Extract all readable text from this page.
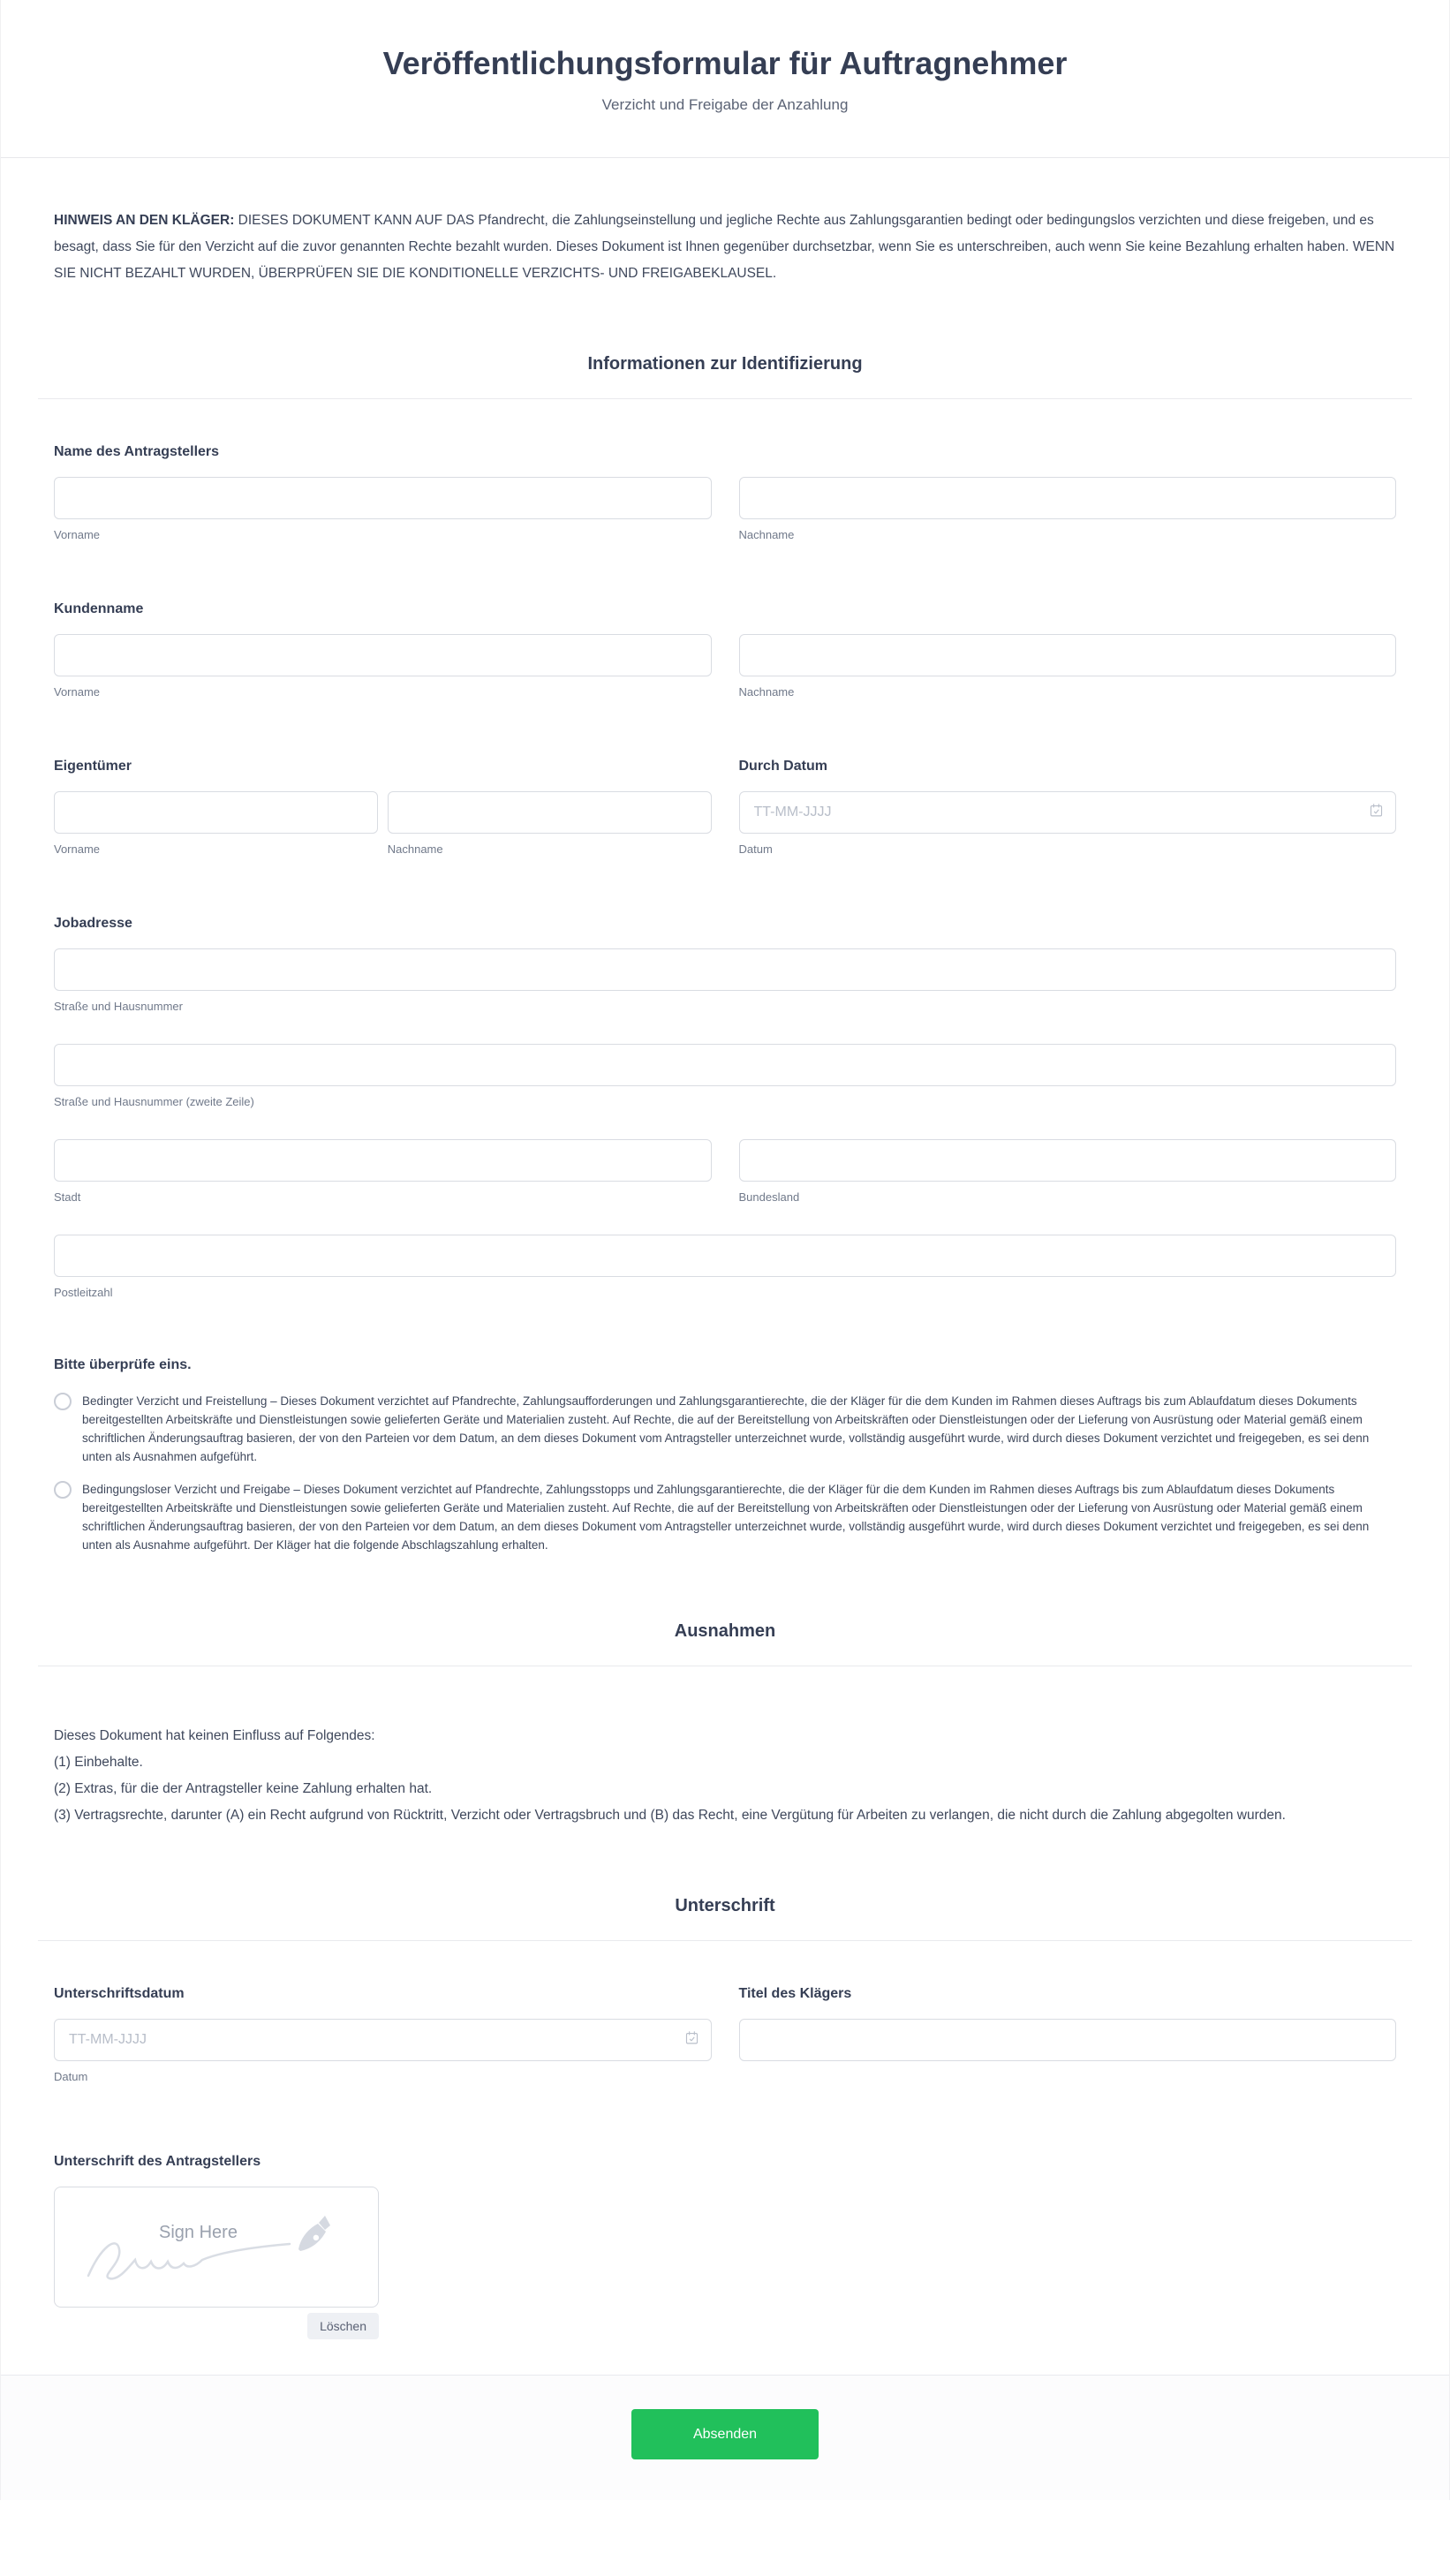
Veröffentlichungsformular für Auftragnehmer
Verzicht und Freigabe der Anzahlung

HINWEIS AN DEN KLÄGER: DIESES DOKUMENT KANN AUF DAS Pfandrecht, die Zahlungseinstellung und jegliche Rechte aus Zahlungsgarantien bedingt oder bedingungslos verzichten und diese freigeben, und es besagt, dass Sie für den Verzicht auf die zuvor genannten Rechte bezahlt wurden. Dieses Dokument ist Ihnen gegenüber durchsetzbar, wenn Sie es unterschreiben, auch wenn Sie keine Bezahlung erhalten haben. WENN SIE NICHT BEZAHLT WURDEN, ÜBERPRÜFEN SIE DIE KONDITIONELLE VERZICHTS- UND FREIGABEKLAUSEL.

Informationen zur Identifizierung
Name des Antragstellers
Vorname	Nachname
Kundenname
Vorname	Nachname
Eigentümer
Vorname	Nachname
Durch Datum
TT-MM-JJJJ
Datum
Jobadresse
Straße und Hausnummer
Straße und Hausnummer (zweite Zeile)
Stadt	Bundesland
Postleitzahl
Bitte überprüfe eins.
Bedingter Verzicht und Freistellung – Dieses Dokument verzichtet auf Pfandrechte, Zahlungsaufforderungen und Zahlungsgarantierechte, die der Kläger für die dem Kunden im Rahmen dieses Auftrags bis zum Ablaufdatum dieses Dokuments bereitgestellten Arbeitskräfte und Dienstleistungen sowie gelieferten Geräte und Materialien zusteht. Auf Rechte, die auf der Bereitstellung von Arbeitskräften oder Dienstleistungen oder der Lieferung von Ausrüstung oder Material gemäß einem schriftlichen Änderungsauftrag basieren, der von den Parteien vor dem Datum, an dem dieses Dokument vom Antragsteller unterzeichnet wurde, vollständig ausgeführt wurde, wird durch dieses Dokument verzichtet und freigegeben, es sei denn unten als Ausnahmen aufgeführt.
Bedingungsloser Verzicht und Freigabe – Dieses Dokument verzichtet auf Pfandrechte, Zahlungsstopps und Zahlungsgarantierechte, die der Kläger für die dem Kunden im Rahmen dieses Auftrags bis zum Ablaufdatum dieses Dokuments bereitgestellten Arbeitskräfte und Dienstleistungen sowie gelieferten Geräte und Materialien zusteht. Auf Rechte, die auf der Bereitstellung von Arbeitskräften oder Dienstleistungen oder der Lieferung von Ausrüstung oder Material gemäß einem schriftlichen Änderungsauftrag basieren, der von den Parteien vor dem Datum, an dem dieses Dokument vom Antragsteller unterzeichnet wurde, vollständig ausgeführt wurde, wird durch dieses Dokument verzichtet und freigegeben, es sei denn unten als Ausnahme aufgeführt. Der Kläger hat die folgende Abschlagszahlung erhalten.
Ausnahmen
Dieses Dokument hat keinen Einfluss auf Folgendes:
(1) Einbehalte.
(2) Extras, für die der Antragsteller keine Zahlung erhalten hat.
(3) Vertragsrechte, darunter (A) ein Recht aufgrund von Rücktritt, Verzicht oder Vertragsbruch und (B) das Recht, eine Vergütung für Arbeiten zu verlangen, die nicht durch die Zahlung abgegolten wurden.
Unterschrift
Unterschriftsdatum
TT-MM-JJJJ
Datum
Titel des Klägers
Unterschrift des Antragstellers
Sign Here
Löschen
Absenden
